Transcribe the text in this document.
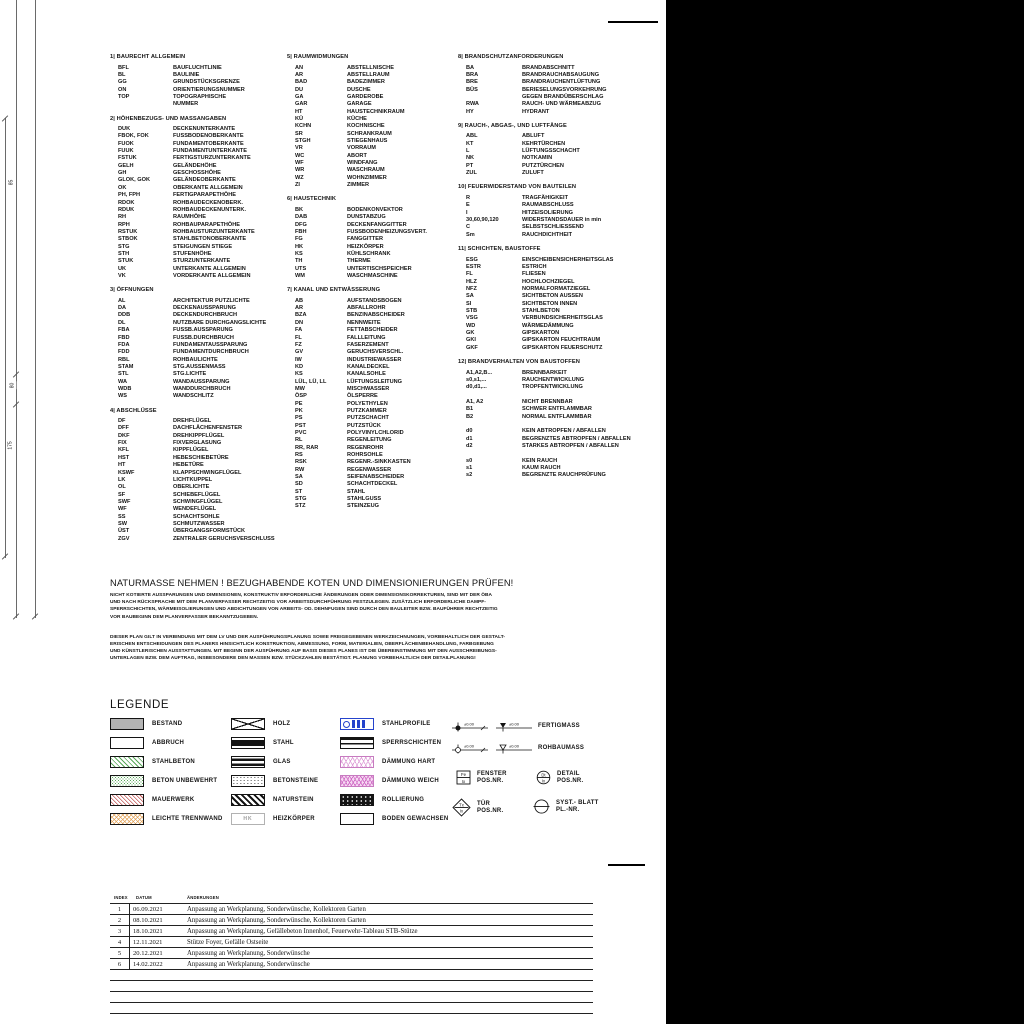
85
80
175
1| BAURECHT ALLGEMEIN
BFL	BAUFLUCHTLINIE
BL	BAULINIE
GG	GRUNDSTÜCKSGRENZE
ON	ORIENTIERUNGSNUMMER
TOP	TOPOGRAPHISCHE
NUMMER
2| HÖHENBEZUGS- UND MASSANGABEN
DUK	DECKENUNTERKANTE
FBOK, FOK	FUSSBODENOBERKANTE
FUOK	FUNDAMENTOBERKANTE
FUUK	FUNDAMENTUNTERKANTE
FSTUK	FERTIGSTURZUNTERKANTE
GELH	GELÄNDEHÖHE
GH	GESCHOSSHÖHE
GLOK, GOK	GELÄNDEOBERKANTE
OK	OBERKANTE ALLGEMEIN
PH, FPH	FERTIGPARAPETHÖHE
RDOK	ROHBAUDECKENOBERK.
RDUK	ROHBAUDECKENUNTERK.
RH	RAUMHÖHE
RPH	ROHBAUPARAPETHÖHE
RSTUK	ROHBAUSTURZUNTERKANTE
STBOK	STAHLBETONOBERKANTE
STG	STEIGUNGEN STIEGE
STH	STUFENHÖHE
STUK	STURZUNTERKANTE
UK	UNTERKANTE ALLGEMEIN
VK	VORDERKANTE ALLGEMEIN
3| ÖFFNUNGEN
AL	ARCHITEKTUR PUTZLICHTE
DA	DECKENAUSSPARUNG
DDB	DECKENDURCHBRUCH
DL	NUTZBARE DURCHGANGSLICHTE
FBA	FUSSB.AUSSPARUNG
FBD	FUSSB.DURCHBRUCH
FDA	FUNDAMENTAUSSPARUNG
FDD	FUNDAMENTDURCHBRUCH
RBL	ROHBAULICHTE
STAM	STG.AUSSENMASS
STL	STG.LICHTE
WA	WANDAUSSPARUNG
WDB	WANDDURCHBRUCH
WS	WANDSCHLITZ
4| ABSCHLÜSSE
DF	DREHFLÜGEL
DFF	DACHFLÄCHENFENSTER
DKF	DREHKIPPFLÜGEL
FIX	FIXVERGLASUNG
KFL	KIPPFLÜGEL
HST	HEBESCHIEBETÜRE
HT	HEBETÜRE
KSWF	KLAPPSCHWINGFLÜGEL
LK	LICHTKUPPEL
OL	OBERLICHTE
SF	SCHIEBEFLÜGEL
SWF	SCHWINGFLÜGEL
WF	WENDEFLÜGEL
SS	SCHACHTSOHLE
SW	SCHMUTZWASSER
ÜST	ÜBERGANGSFORMSTÜCK
ZGV	ZENTRALER GERUCHSVERSCHLUSS
5| RAUMWIDMUNGEN
AN	ABSTELLNISCHE
AR	ABSTELLRAUM
BAD	BADEZIMMER
DU	DUSCHE
GA	GARDEROBE
GAR	GARAGE
HT	HAUSTECHNIKRAUM
KÜ	KÜCHE
KCHN	KOCHNISCHE
SR	SCHRANKRAUM
STGH	STIEGENHAUS
VR	VORRAUM
WC	ABORT
WF	WINDFANG
WR	WASCHRAUM
WZ	WOHNZIMMER
ZI	ZIMMER
6| HAUSTECHNIK
BK	BODENKONVEKTOR
DAB	DUNSTABZUG
DFG	DECKENFANGGITTER
FBH	FUSSBODENHEIZUNGSVERT.
FG	FANGGITTER
HK	HEIZKÖRPER
KS	KÜHLSCHRANK
TH	THERME
UTS	UNTERTISCHSPEICHER
WM	WASCHMASCHINE
7| KANAL UND ENTWÄSSERUNG
AB	AUFSTANDSBOGEN
AR	ABFALLROHR
BZA	BENZINABSCHEIDER
DN	NENNWEITE
FA	FETTABSCHEIDER
FL	FALLLEITUNG
FZ	FASERZEMENT
GV	GERUCHSVERSCHL.
IW	INDUSTRIEWASSER
KD	KANALDECKEL
KS	KANALSOHLE
LÜL, LÜ, LL	LÜFTUNGSLEITUNG
MW	MISCHWASSER
ÖSP	ÖLSPERRE
PE	POLYETHYLEN
PK	PUTZKAMMER
PS	PUTZSCHACHT
PST	PUTZSTÜCK
PVC	POLYVINYLCHLORID
RL	REGENLEITUNG
RR, RAR	REGENROHR
RS	ROHRSOHLE
RSK	REGENR.-SINKKASTEN
RW	REGENWASSER
SA	SEIFENABSCHEIDER
SD	SCHACHTDECKEL
ST	STAHL
STG	STAHLGUSS
STZ	STEINZEUG
8| BRANDSCHUTZANFORDERUNGEN
BA	BRANDABSCHNITT
BRA	BRANDRAUCHABSAUGUNG
BRE	BRANDRAUCHENTLÜFTUNG
BÜS	BERIESELUNGSVORKEHRUNG
GEGEN BRANDÜBERSCHLAG
RWA	RAUCH- UND WÄRMEABZUG
HY	HYDRANT
9| RAUCH-, ABGAS-, UND LUFTFÄNGE
ABL	ABLUFT
KT	KEHRTÜRCHEN
L	LÜFTUNGSSCHACHT
NK	NOTKAMIN
PT	PUTZTÜRCHEN
ZUL	ZULUFT
10| FEUERWIDERSTAND VON BAUTEILEN
R	TRAGFÄHIGKEIT
E	RAUMABSCHLUSS
I	HITZEISOLIERUNG
30,60,90,120	WIDERSTANDSDAUER in min
C	SELBSTSCHLIESSEND
Sm	RAUCHDICHTHEIT
11| SCHICHTEN, BAUSTOFFE
ESG	EINSCHEIBENSICHERHEITSGLAS
ESTR	ESTRICH
FL	FLIESEN
HLZ	HOCHLOCHZIEGEL
NFZ	NORMALFORMATZIEGEL
SA	SICHTBETON AUSSEN
SI	SICHTBETON INNEN
STB	STAHLBETON
VSG	VERBUNDSICHERHEITSGLAS
WD	WÄRMEDÄMMUNG
GK	GIPSKARTON
GKI	GIPSKARTON FEUCHTRAUM
GKF	GIPSKARTON FEUERSCHUTZ
12| BRANDVERHALTEN VON BAUSTOFFEN
A1,A2,B...	BRENNBARKEIT
s0,s1,...	RAUCHENTWICKLUNG
d0,d1,...	TROPFENTWICKLUNG
A1, A2	NICHT BRENNBAR
B1	SCHWER ENTFLAMMBAR
B2	NORMAL ENTFLAMMBAR
d0	KEIN ABTROPFEN / ABFALLEN
d1	BEGRENZTES ABTROPFEN / ABFALLEN
d2	STARKES ABTROPFEN / ABFALLEN
s0	KEIN RAUCH
s1	KAUM RAUCH
s2	BEGRENZTE RAUCHPRÜFUNG
NATURMASSE NEHMEN ! BEZUGHABENDE KOTEN UND DIMENSIONIERUNGEN PRÜFEN!
NICHT KOTIERTE AUSSPARUNGEN UND DIMENSIONEN, KONSTRUKTIV ERFORDERLICHE ÄNDERUNGEN ODER DIMENSIONSKORREKTUREN, SIND MIT DER ÖBA
UND NACH RÜCKSPRACHE MIT DEM PLANVERFASSER RECHTZEITIG VOR ARBEITSDURCHFÜHRUNG FESTZULEGEN. ZUSÄTZLICH ERFORDERLICHE DAMPF-
SPERRSCHICHTEN, WÄRMEISOLIERUNGEN UND ABDICHTUNGEN VON ARBEITS- OD. DEHNFUGEN SIND DURCH DEN BAULEITER BZW. BAUFÜHRER RECHTZEITIG
VOR BAUBEGINN DEM PLANVERFASSER BEKANNTZUGEBEN.
DIESER PLAN GILT IN VERBINDUNG MIT DEM LV UND DER AUSFÜHRUNGSPLANUNG SOWIE FREIGEGEBENEN WERKZEICHNUNGEN, VORBEHALTLICH DER GESTALT-
ERISCHEN ENTSCHEIDUNGEN DES PLANERS HINSICHTLICH KONSTRUKTION, ABMESSUNG, FORM, MATERIALIEN, OBERFLÄCHENBEHANDLUNG, FARBGEBUNG
UND KÜNSTLERISCHEN AUSSTATTUNGEN. MIT BEGINN DER AUSFÜHRUNG AUF BASIS DIESES PLANES IST DIE ÜBEREINSTIMMUNG MIT DEN AUSSCHREIBUNGS-
UNTERLAGEN BZW. DEM AUFTRAG, INSBESONDERE DEN MASSEN BZW. STÜCKZAHLEN BESTÄTIGT. PLANUNG VORBEHALTLICH DER DETAILPLANUNG!
LEGENDE
BESTAND
ABBRUCH
STAHLBETON
BETON UNBEWEHRT
MAUERWERK
LEICHTE TRENNWAND
HOLZ
STAHL
GLAS
BETONSTEINE
NATURSTEIN
HK	HEIZKÖRPER
STAHLPROFILE
SPERRSCHICHTEN
DÄMMUNG HART
DÄMMUNG WEICH
ROLLIERUNG
BODEN GEWACHSEN
±0.00	±0.00	FERTIGMASS
±0.00	±0.00	ROHBAUMASS
Fe
Ix
FENSTER
POS.NR.
Dt
Ix
DETAIL
POS.NR.
Tx
Ix
TÜR
POS.NR.
SYST.- BLATT
PL.-NR.
INDEX DATUM	ÄNDERUNGEN
1	06.09.2021	Anpassung an Werkplanung, Sonderwünsche, Kollektoren Garten
2	08.10.2021	Anpassung an Werkplanung, Sonderwünsche, Kollektoren Garten
3	18.10.2021	Anpassung an Werkplanung, Gefällebeton Innenhof, Feuerwehr-Tableau STB-Stütze
4	12.11.2021	Stütze Foyer, Gefälle Ostseite
5	20.12.2021	Anpassung an Werkplanung, Sonderwünsche
6	14.02.2022	Anpassung an Werkplanung, Sonderwünsche
